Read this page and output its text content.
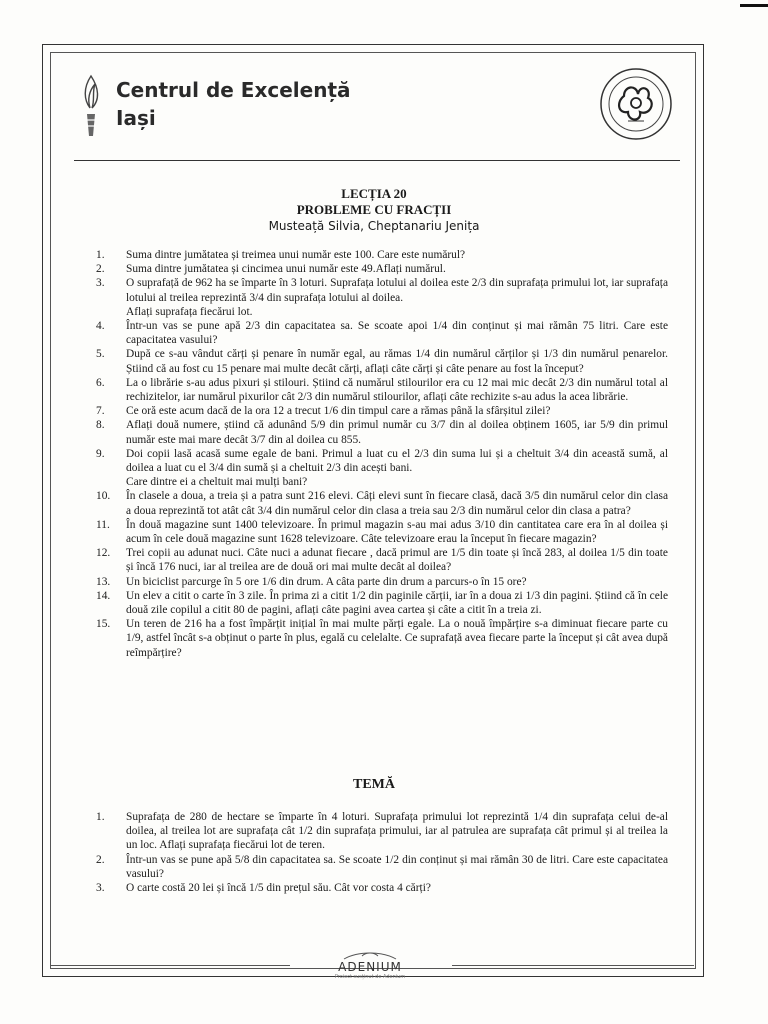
Centrul de Excelență
Iași
LECȚIA 20
PROBLEME CU FRACȚII
Musteață Silvia, Cheptanariu Jenița
1.	Suma dintre jumătatea și treimea unui număr este 100. Care este numărul?
2.	Suma dintre jumătatea și cincimea unui număr este 49.Aflați numărul.
3.	O suprafață de 962 ha se împarte în 3 loturi. Suprafața lotului al doilea este 2/3 din suprafața primului lot, iar suprafața lotului al treilea reprezintă 3/4 din suprafața lotului al doilea.
Aflați suprafața fiecărui lot.
4.	Într-un vas se pune apă 2/3 din capacitatea sa. Se scoate apoi 1/4 din conținut și mai rămân 75 litri. Care este capacitatea vasului?
5.	După ce s-au vândut cărți și penare în număr egal, au rămas 1/4 din numărul cărților și 1/3 din numărul penarelor. Știind că au fost cu 15 penare mai multe decât cărți, aflați câte cărți și câte penare au fost la început?
6.	La o librărie s-au adus pixuri și stilouri. Știind că numărul stilourilor era cu 12 mai mic decât 2/3 din numărul total al rechizitelor, iar numărul pixurilor cât 2/3 din numărul stilourilor, aflați câte rechizite s-au adus la acea librărie.
7.	Ce oră este acum dacă de la ora 12 a trecut 1/6 din timpul care a rămas până la sfârșitul zilei?
8.	Aflați două numere, știind că adunând 5/9 din primul număr cu 3/7 din al doilea obținem 1605, iar 5/9 din primul număr este mai mare decât 3/7 din al doilea cu 855.
9.	Doi copii lasă acasă sume egale de bani. Primul a luat cu el 2/3 din suma lui și a cheltuit 3/4 din această sumă, al doilea a luat cu el 3/4 din sumă și a cheltuit 2/3 din acești bani.
Care dintre ei a cheltuit mai mulți bani?
10.	În clasele a doua, a treia și a patra sunt 216 elevi. Câți elevi sunt în fiecare clasă, dacă 3/5 din numărul celor din clasa a doua reprezintă tot atât cât 3/4 din numărul celor din clasa a treia sau 2/3 din numărul celor din clasa a patra?
11.	În două magazine sunt 1400 televizoare. În primul magazin s-au mai adus 3/10 din cantitatea care era în al doilea și acum în cele două magazine sunt 1628 televizoare. Câte televizoare erau la început în fiecare magazin?
12.	Trei copii au adunat nuci. Câte nuci a adunat fiecare , dacă primul are 1/5 din toate și încă 283, al doilea 1/5 din toate și încă 176 nuci, iar al treilea are de două ori mai multe decât al doilea?
13.	Un biciclist parcurge în 5 ore 1/6 din drum. A câta parte din drum a parcurs-o în 15 ore?
14.	Un elev a citit o carte în 3 zile. În prima zi a citit 1/2 din paginile cărții, iar în a doua zi 1/3 din pagini. Știind că în cele două zile copilul a citit 80 de pagini, aflați câte pagini avea cartea și câte a citit în a treia zi.
15.	Un teren de 216 ha a fost împărțit inițial în mai multe părți egale. La o nouă împărțire s-a diminuat fiecare parte cu 1/9, astfel încât s-a obținut o parte în plus, egală cu celelalte. Ce suprafață avea fiecare parte la început și cât avea după reîmpărțire?
TEMĂ
1.	Suprafața de 280 de hectare se împarte în 4 loturi. Suprafața primului lot reprezintă 1/4 din suprafața celui de-al doilea, al treilea lot are suprafața cât 1/2 din suprafața primului, iar al patrulea are suprafața cât primul și al treilea la un loc. Aflați suprafața fiecărui lot de teren.
2.	Într-un vas se pune apă 5/8 din capacitatea sa. Se scoate 1/2 din conținut și mai rămân 30 de litri. Care este capacitatea vasului?
3.	O carte costă 20 lei și încă 1/5 din prețul său. Cât vor costa 4 cărți?
ADENIUM
Proiect susținut de Adenium
